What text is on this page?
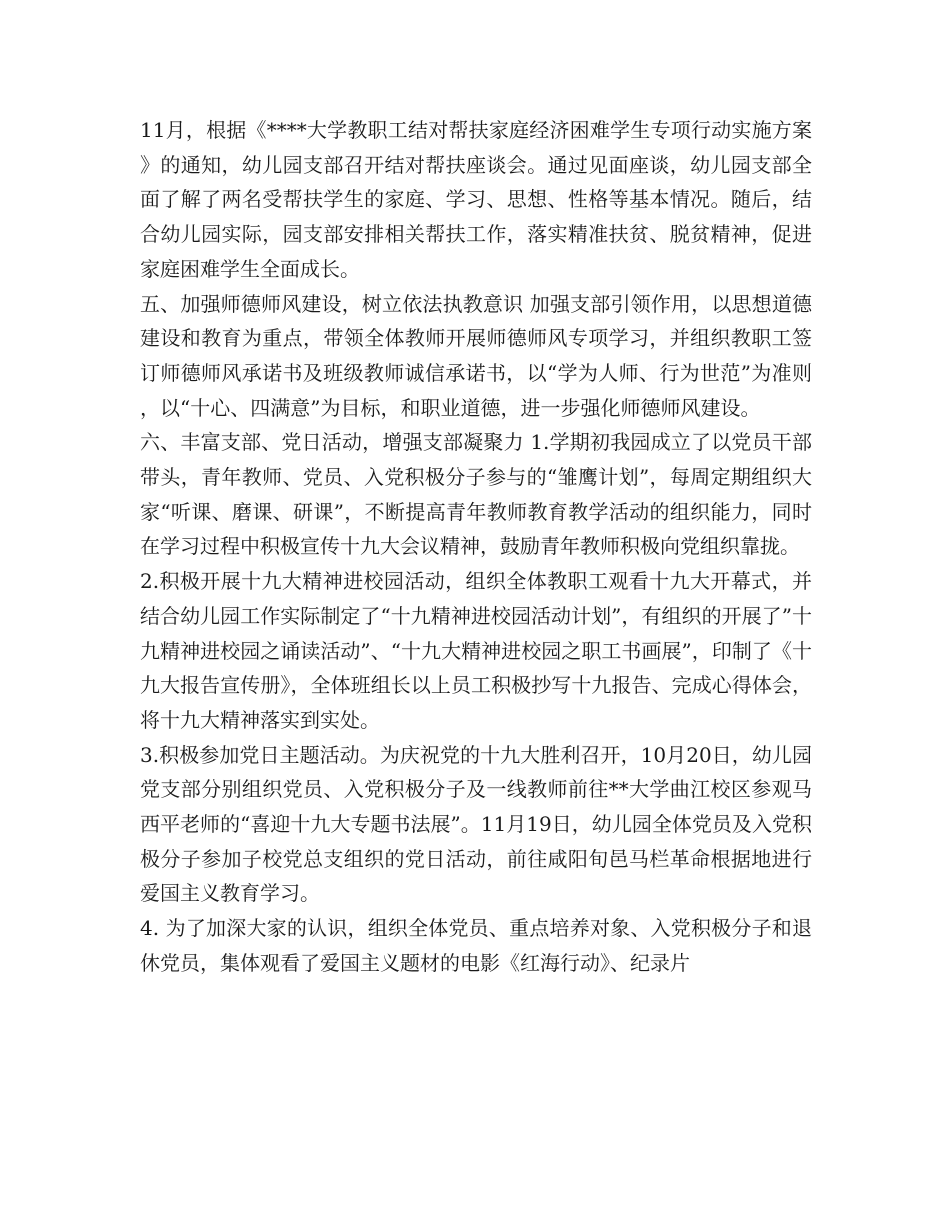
11月，根据《****大学教职工结对帮扶家庭经济困难学生专项行动实施方案》的通知，幼儿园支部召开结对帮扶座谈会。通过见面座谈，幼儿园支部全面了解了两名受帮扶学生的家庭、学习、思想、性格等基本情况。随后，结合幼儿园实际，园支部安排相关帮扶工作，落实精准扶贫、脱贫精神，促进家庭困难学生全面成长。

五、加强师德师风建设，树立依法执教意识 加强支部引领作用，以思想道德建设和教育为重点，带领全体教师开展师德师风专项学习，并组织教职工签订师德师风承诺书及班级教师诚信承诺书，以“学为人师、行为世范”为准则，以“十心、四满意”为目标，和职业道德，进一步强化师德师风建设。

六、丰富支部、党日活动，增强支部凝聚力 1.学期初我园成立了以党员干部带头，青年教师、党员、入党积极分子参与的“雏鹰计划”，每周定期组织大家“听课、磨课、研课”，不断提高青年教师教育教学活动的组织能力，同时在学习过程中积极宣传十九大会议精神，鼓励青年教师积极向党组织靠拢。

2.积极开展十九大精神进校园活动，组织全体教职工观看十九大开幕式，并结合幼儿园工作实际制定了“十九精神进校园活动计划”，有组织的开展了”十九精神进校园之诵读活动”、“十九大精神进校园之职工书画展”，印制了《十九大报告宣传册》，全体班组长以上员工积极抄写十九报告、完成心得体会，将十九大精神落实到实处。

3.积极参加党日主题活动。为庆祝党的十九大胜利召开，10月20日，幼儿园党支部分别组织党员、入党积极分子及一线教师前往**大学曲江校区参观马西平老师的“喜迎十九大专题书法展”。11月19日，幼儿园全体党员及入党积极分子参加子校党总支组织的党日活动，前往咸阳旬邑马栏革命根据地进行爱国主义教育学习。

4. 为了加深大家的认识，组织全体党员、重点培养对象、入党积极分子和退休党员，集体观看了爱国主义题材的电影《红海行动》、纪录片
